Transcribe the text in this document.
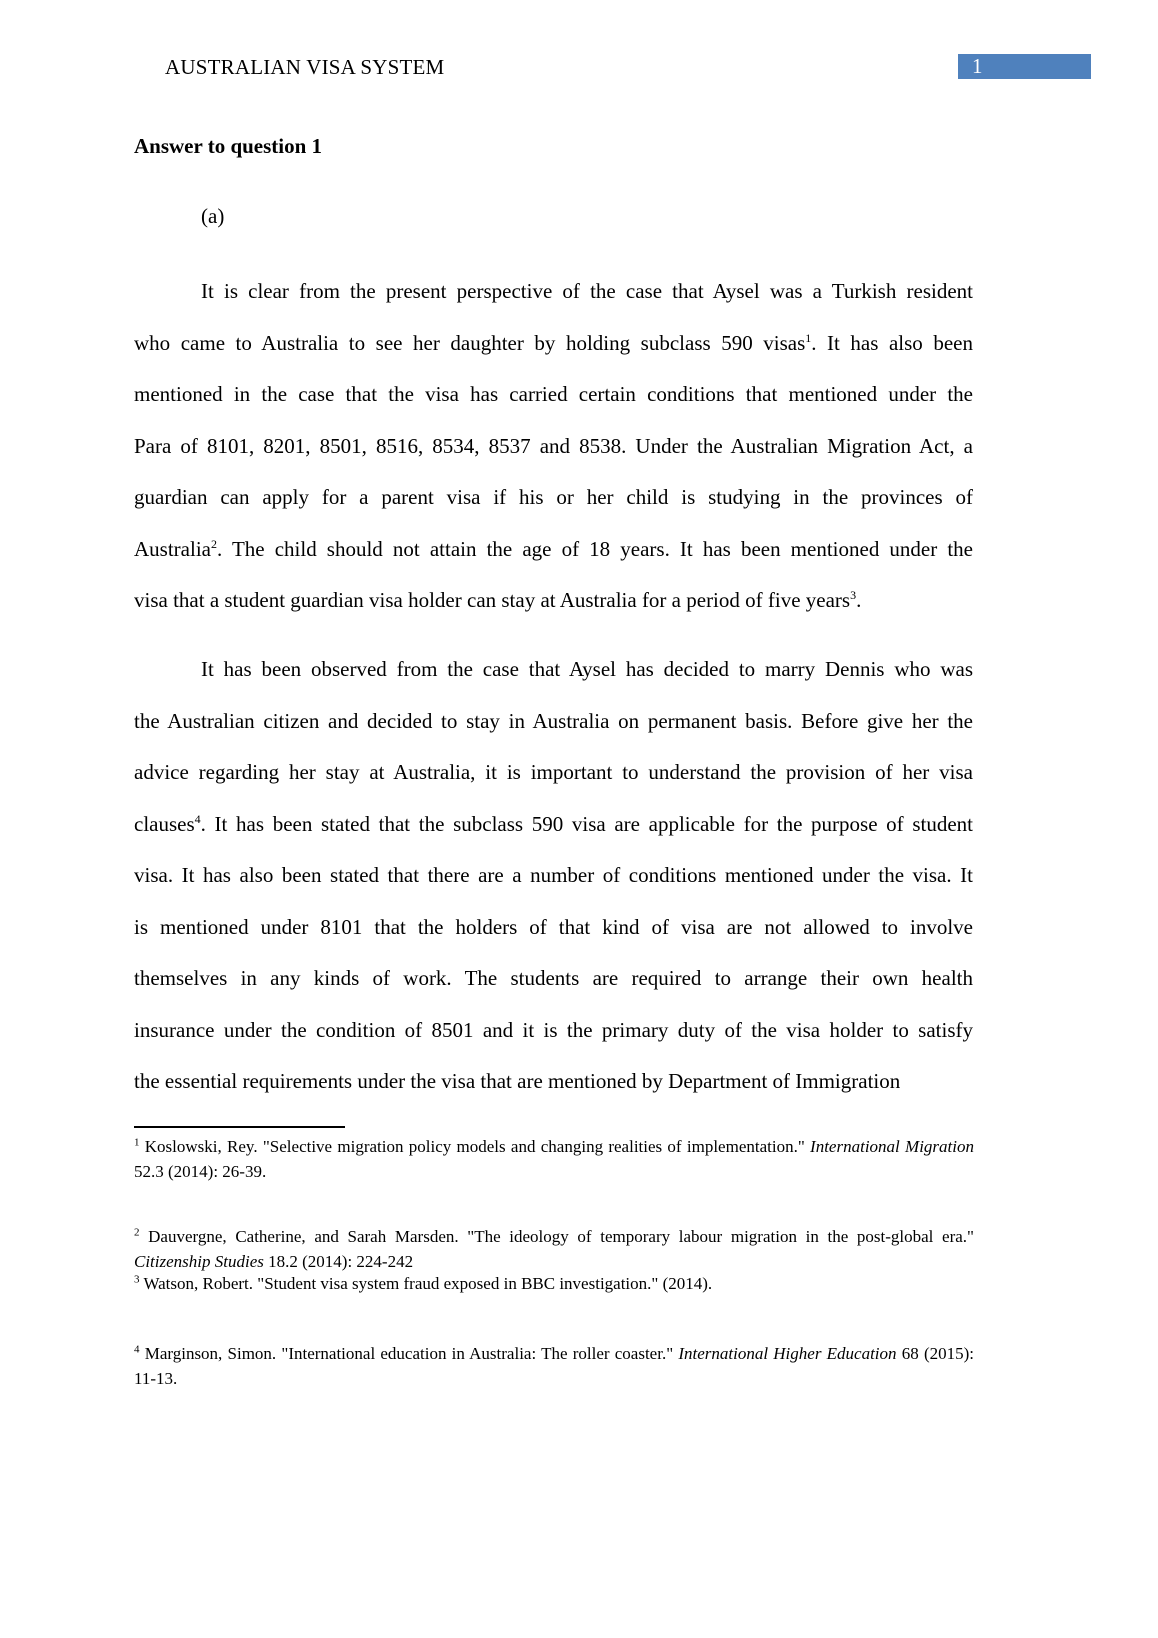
AUSTRALIAN VISA SYSTEM	1
Answer to question 1
(a)
It is clear from the present perspective of the case that Aysel was a Turkish resident
who came to Australia to see her daughter by holding subclass 590 visas$^1$. It has also been
mentioned in the case that the visa has carried certain conditions that mentioned under the
Para of 8101, 8201, 8501, 8516, 8534, 8537 and 8538. Under the Australian Migration Act, a
guardian can apply for a parent visa if his or her child is studying in the provinces of
Australia$^2$. The child should not attain the age of 18 years. It has been mentioned under the
visa that a student guardian visa holder can stay at Australia for a period of five years$^3$.
It has been observed from the case that Aysel has decided to marry Dennis who was
the Australian citizen and decided to stay in Australia on permanent basis. Before give her the
advice regarding her stay at Australia, it is important to understand the provision of her visa
clauses$^4$. It has been stated that the subclass 590 visa are applicable for the purpose of student
visa. It has also been stated that there are a number of conditions mentioned under the visa. It
is mentioned under 8101 that the holders of that kind of visa are not allowed to involve
themselves in any kinds of work. The students are required to arrange their own health
insurance under the condition of 8501 and it is the primary duty of the visa holder to satisfy
the essential requirements under the visa that are mentioned by Department of Immigration
$^1$ Koslowski, Rey. "Selective migration policy models and changing realities of implementation." International Migration 52.3 (2014): 26-39.
$^2$ Dauvergne, Catherine, and Sarah Marsden. "The ideology of temporary labour migration in the post-global era." Citizenship Studies 18.2 (2014): 224-242
$^3$ Watson, Robert. "Student visa system fraud exposed in BBC investigation." (2014).
$^4$ Marginson, Simon. "International education in Australia: The roller coaster." International Higher Education 68 (2015): 11-13.
